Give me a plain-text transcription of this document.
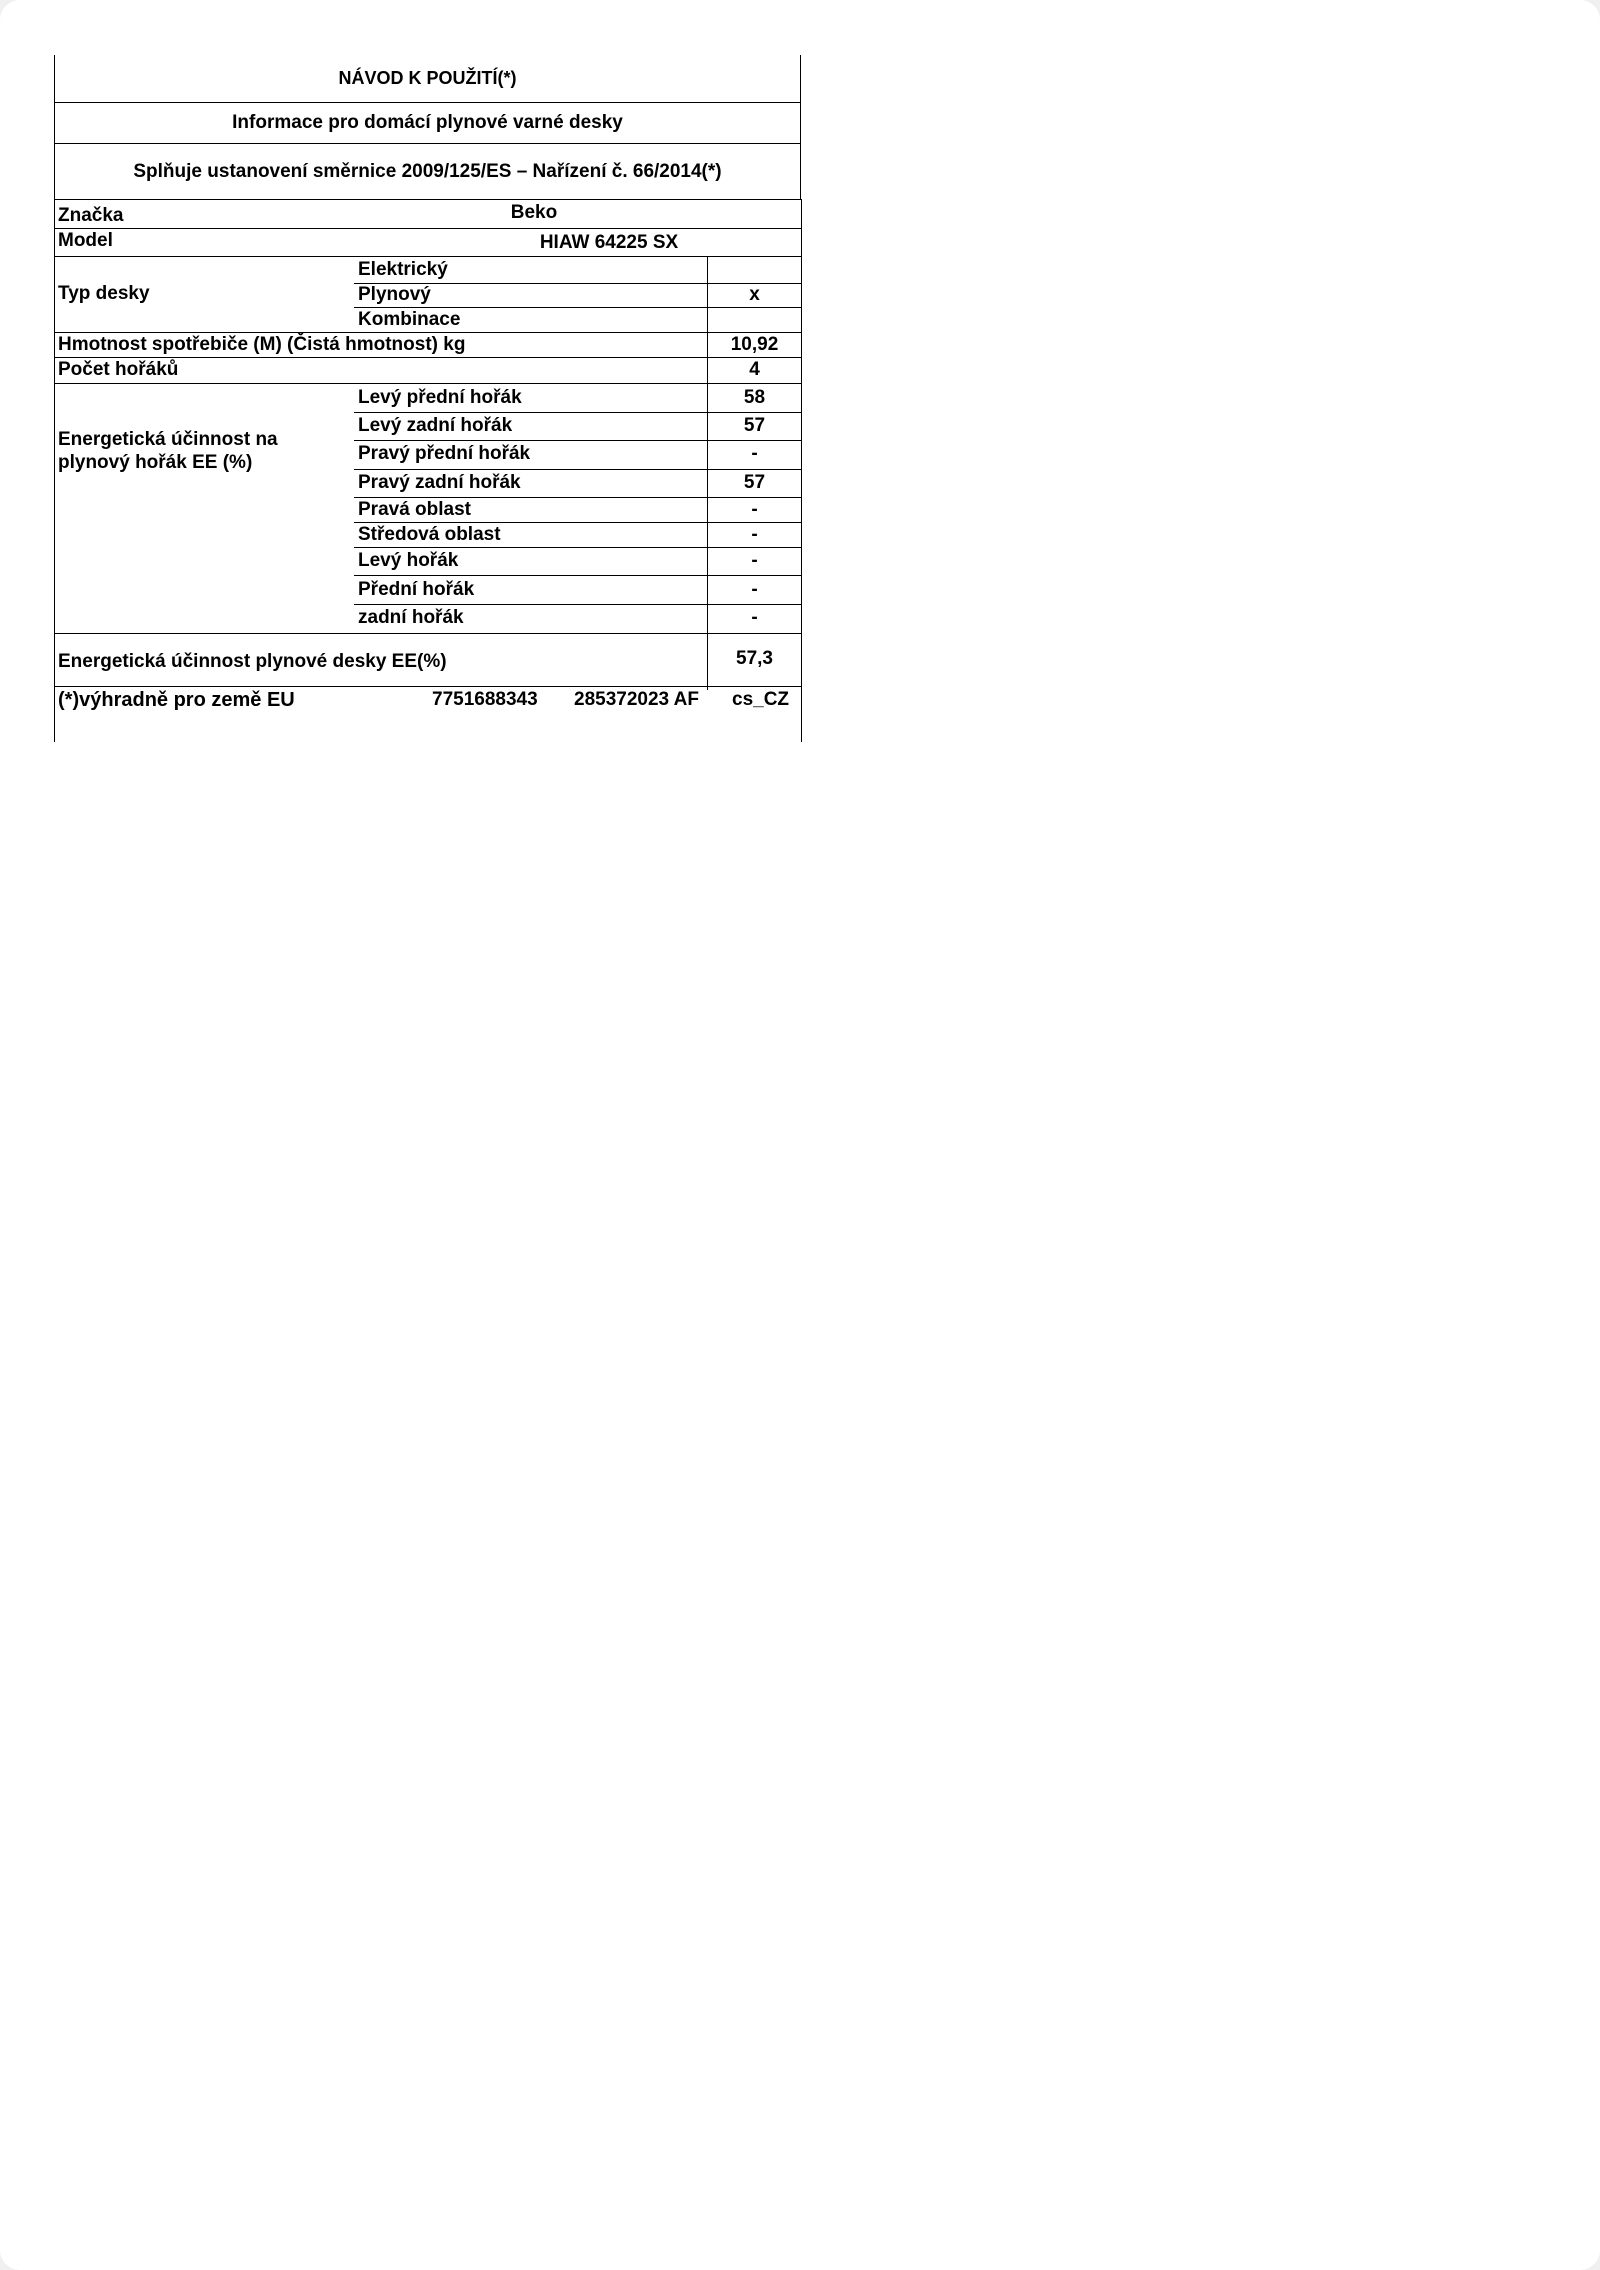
NÁVOD K POUŽITÍ(*)
Informace pro domácí plynové varné desky
Splňuje ustanovení směrnice 2009/125/ES – Nařízení č. 66/2014(*)
Značka	Beko
Model	HIAW 64225 SX
Typ desky
Elektrický
Plynový	x
Kombinace
Hmotnost spotřebiče (M) (Čistá hmotnost) kg	10,92
Počet hořáků	4
Energetická účinnost na plynový hořák EE (%)
Levý přední hořák	58
Levý zadní hořák	57
Pravý přední hořák	-
Pravý zadní hořák	57
Pravá oblast	-
Středová oblast	-
Levý hořák	-
Přední hořák	-
zadní hořák	-
Energetická účinnost plynové desky EE(%)	57,3
(*)výhradně pro země EU	7751688343 285372023 AF cs_CZ
